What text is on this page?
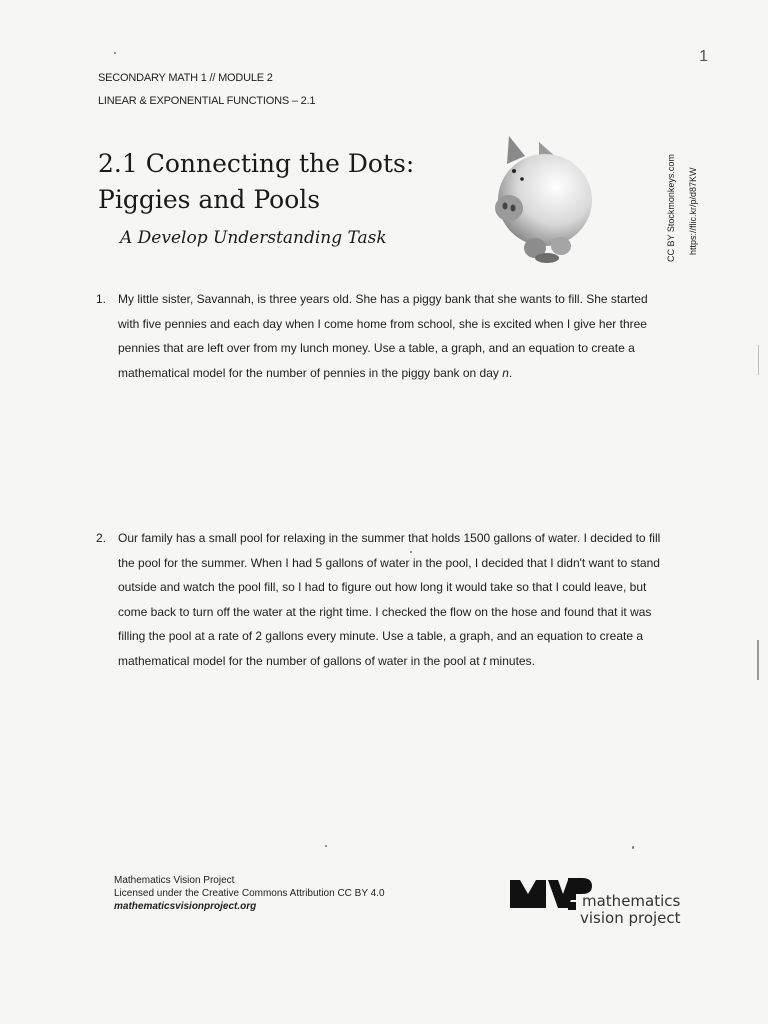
1
SECONDARY MATH 1 // MODULE 2
LINEAR & EXPONENTIAL FUNCTIONS – 2.1
2.1 Connecting the Dots:
Piggies and Pools
A Develop Understanding Task	CC BY Stockmonkeys.com https://flic.kr/p/d87KW
1. My little sister, Savannah, is three years old. She has a piggy bank that she wants to fill. She started with five pennies and each day when I come home from school, she is excited when I give her three pennies that are left over from my lunch money. Use a table, a graph, and an equation to create a mathematical model for the number of pennies in the piggy bank on day n.
2. Our family has a small pool for relaxing in the summer that holds 1500 gallons of water. I decided to fill the pool for the summer. When I had 5 gallons of water in the pool, I decided that I didn't want to stand outside and watch the pool fill, so I had to figure out how long it would take so that I could leave, but come back to turn off the water at the right time. I checked the flow on the hose and found that it was filling the pool at a rate of 2 gallons every minute. Use a table, a graph, and an equation to create a mathematical model for the number of gallons of water in the pool at t minutes.
Mathematics Vision Project
Licensed under the Creative Commons Attribution CC BY 4.0
mathematicsvisionproject.org	mathematics
vision project
